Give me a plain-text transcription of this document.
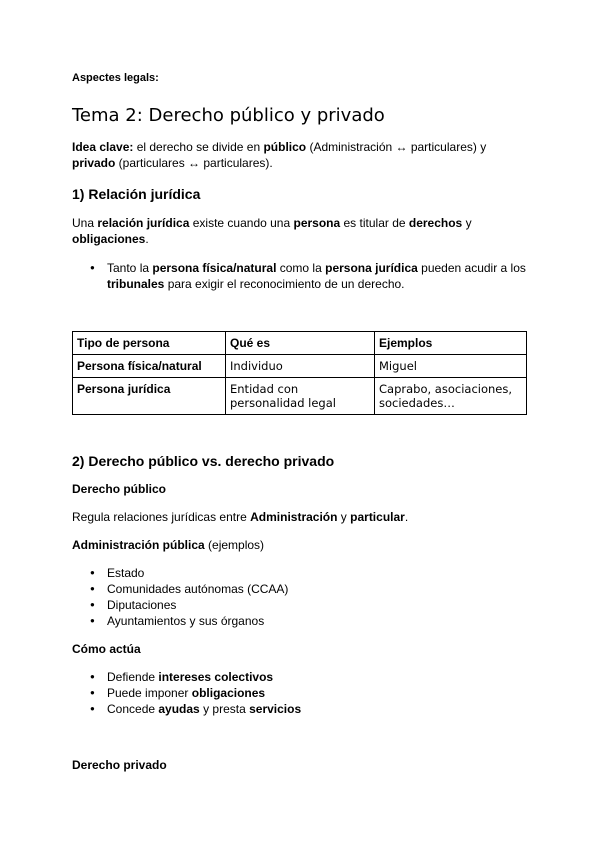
Aspectes legals:
Tema 2: Derecho público y privado
Idea clave: el derecho se divide en público (Administración ↔ particulares) y privado (particulares ↔ particulares).
1) Relación jurídica
Una relación jurídica existe cuando una persona es titular de derechos y obligaciones.
● Tanto la persona física/natural como la persona jurídica pueden acudir a los tribunales para exigir el reconocimiento de un derecho.
Tipo de persona	Qué es	Ejemplos
Persona física/natural	Individuo	Miguel
Persona jurídica	Entidad con personalidad legal	Caprabo, asociaciones, sociedades…
2) Derecho público vs. derecho privado
Derecho público
Regula relaciones jurídicas entre Administración y particular.
Administración pública (ejemplos)
● Estado
● Comunidades autónomas (CCAA)
● Diputaciones
● Ayuntamientos y sus órganos
Cómo actúa
● Defiende intereses colectivos
● Puede imponer obligaciones
● Concede ayudas y presta servicios
Derecho privado
